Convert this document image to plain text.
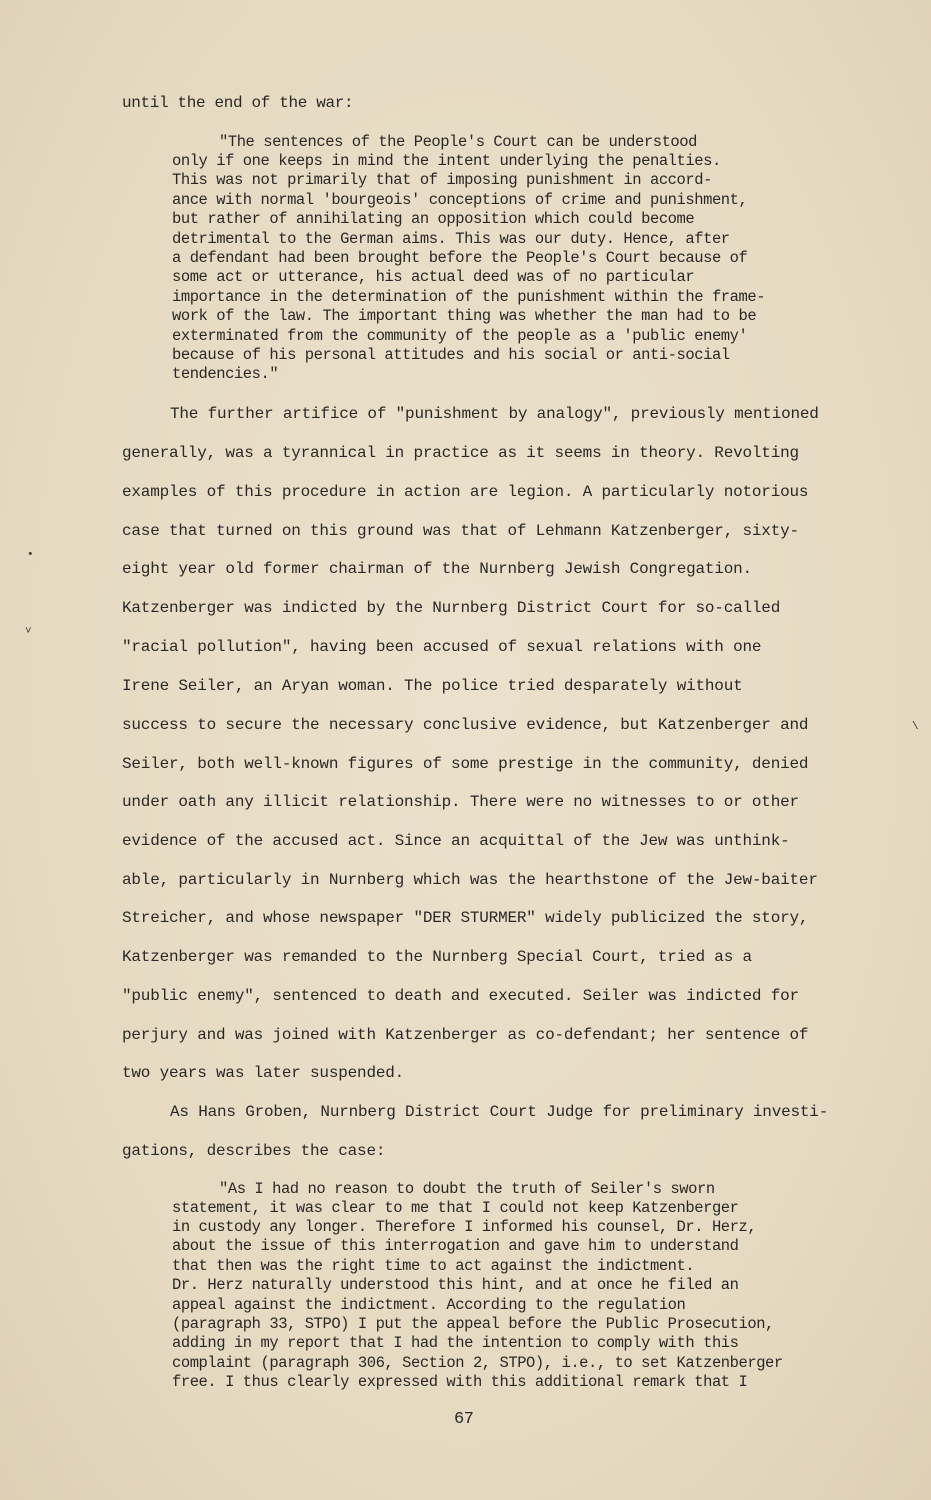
until the end of the war:
"The sentences of the People's Court can be understood
only if one keeps in mind the intent underlying the penalties.
This was not primarily that of imposing punishment in accord-
ance with normal 'bourgeois' conceptions of crime and punishment,
but rather of annihilating an opposition which could become
detrimental to the German aims. This was our duty. Hence, after
a defendant had been brought before the People's Court because of
some act or utterance, his actual deed was of no particular
importance in the determination of the punishment within the frame-
work of the law. The important thing was whether the man had to be
exterminated from the community of the people as a 'public enemy'
because of his personal attitudes and his social or anti-social
tendencies."
The further artifice of "punishment by analogy", previously mentioned
generally, was a tyrannical in practice as it seems in theory. Revolting
examples of this procedure in action are legion. A particularly notorious
case that turned on this ground was that of Lehmann Katzenberger, sixty-
eight year old former chairman of the Nurnberg Jewish Congregation.
Katzenberger was indicted by the Nurnberg District Court for so-called
"racial pollution", having been accused of sexual relations with one
Irene Seiler, an Aryan woman. The police tried desparately without
success to secure the necessary conclusive evidence, but Katzenberger and
Seiler, both well-known figures of some prestige in the community, denied
under oath any illicit relationship. There were no witnesses to or other
evidence of the accused act. Since an acquittal of the Jew was unthink-
able, particularly in Nurnberg which was the hearthstone of the Jew-baiter
Streicher, and whose newspaper "DER STURMER" widely publicized the story,
Katzenberger was remanded to the Nurnberg Special Court, tried as a
"public enemy", sentenced to death and executed. Seiler was indicted for
perjury and was joined with Katzenberger as co-defendant; her sentence of
two years was later suspended.
As Hans Groben, Nurnberg District Court Judge for preliminary investi-
gations, describes the case:
"As I had no reason to doubt the truth of Seiler's sworn
statement, it was clear to me that I could not keep Katzenberger
in custody any longer. Therefore I informed his counsel, Dr. Herz,
about the issue of this interrogation and gave him to understand
that then was the right time to act against the indictment.
Dr. Herz naturally understood this hint, and at once he filed an
appeal against the indictment. According to the regulation
(paragraph 33, STPO) I put the appeal before the Public Prosecution,
adding in my report that I had the intention to comply with this
complaint (paragraph 306, Section 2, STPO), i.e., to set Katzenberger
free. I thus clearly expressed with this additional remark that I
67
•
˅
\
